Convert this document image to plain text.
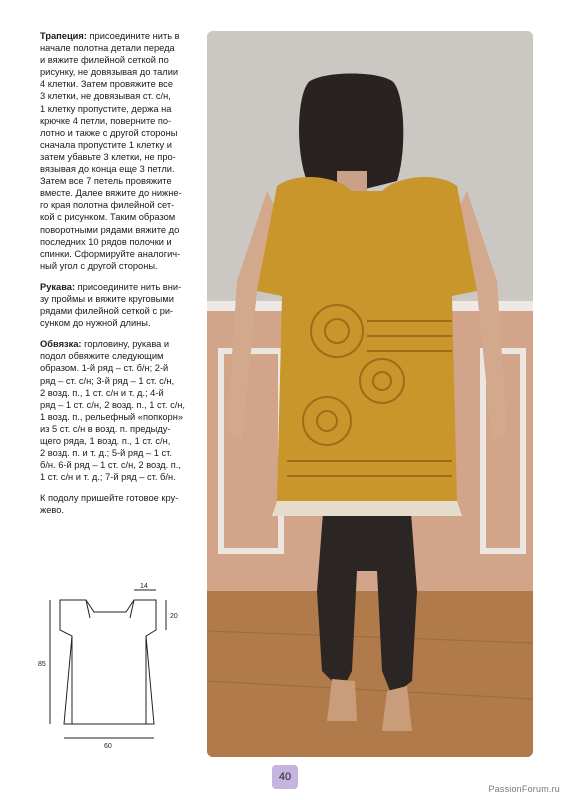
Трапеция: присоедините нить в
начале полотна детали переда
и вяжите филейной сеткой по
рисунку, не довязывая до талии
4 клетки. Затем провяжите все
3 клетки, не довязывая ст. с/н,
1 клетку пропустите, держа на
крючке 4 петли, поверните по-
лотно и также с другой стороны
сначала пропустите 1 клетку и
затем убавьте 3 клетки, не про-
вязывая до конца еще 3 петли.
Затем все 7 петель провяжите
вместе. Далее вяжите до нижне-
го края полотна филейной сет-
кой с рисунком. Таким образом
поворотными рядами вяжите до
последних 10 рядов полочки и
спинки. Сформируйте аналогич-
ный угол с другой стороны.

Рукава: присоедините нить вни-
зу проймы и вяжите круговыми
рядами филейной сеткой с ри-
сунком до нужной длины.

Обвязка: горловину, рукава и
подол обвяжите следующим
образом. 1-й ряд – ст. б/н; 2-й
ряд – ст. с/н; 3-й ряд – 1 ст. с/н,
2 возд. п., 1 ст. с/н и т. д.; 4-й
ряд – 1 ст. с/н, 2 возд. п., 1 ст. с/н,
1 возд. п., рельефный «попкорн»
из 5 ст. с/н в возд. п. предыду-
щего ряда, 1 возд. п., 1 ст. с/н,
2 возд. п. и т. д.; 5-й ряд – 1 ст.
б/н. 6-й ряд – 1 ст. с/н, 2 возд. п.,
1 ст. с/н и т. д.; 7-й ряд – ст. б/н.

К подолу пришейте готовое кру-
жево.

14
20
85
60
40
PassionForum.ru
